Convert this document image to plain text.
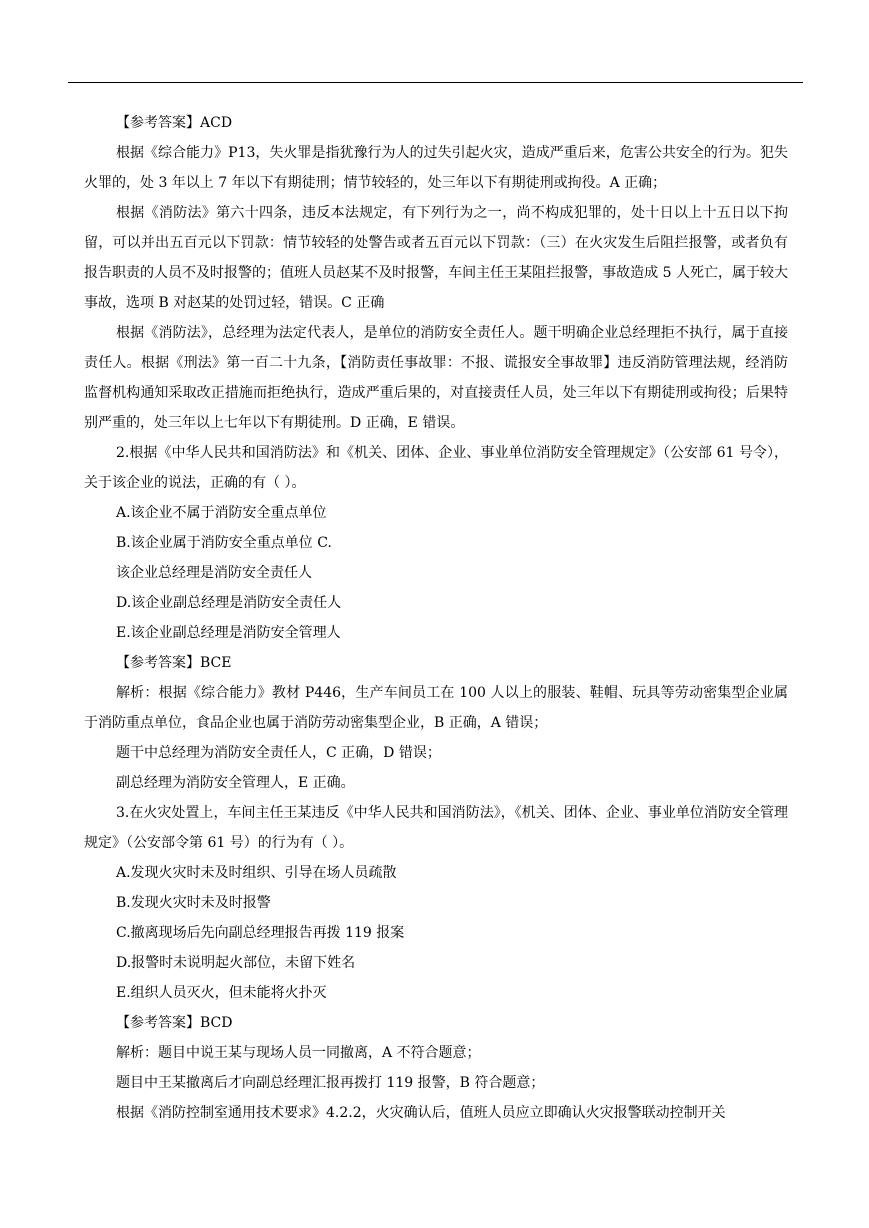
【参考答案】ACD

根据《综合能力》P13，失火罪是指犹豫行为人的过失引起火灾，造成严重后来，危害公共安全的行为。犯失火罪的，处 3 年以上 7 年以下有期徒刑；情节较轻的，处三年以下有期徒刑或拘役。A 正确；

根据《消防法》第六十四条，违反本法规定，有下列行为之一，尚不构成犯罪的，处十日以上十五日以下拘留，可以并出五百元以下罚款：情节较轻的处警告或者五百元以下罚款：（三）在火灾发生后阻拦报警，或者负有报告职责的人员不及时报警的；值班人员赵某不及时报警，车间主任王某阻拦报警，事故造成 5 人死亡，属于较大事故，选项 B 对赵某的处罚过轻，错误。C 正确

根据《消防法》，总经理为法定代表人，是单位的消防安全责任人。题干明确企业总经理拒不执行，属于直接责任人。根据《刑法》第一百二十九条，【消防责任事故罪：不报、谎报安全事故罪】违反消防管理法规，经消防监督机构通知采取改正措施而拒绝执行，造成严重后果的，对直接责任人员，处三年以下有期徒刑或拘役；后果特别严重的，处三年以上七年以下有期徒刑。D 正确，E 错误。

2.根据《中华人民共和国消防法》和《机关、团体、企业、事业单位消防安全管理规定》（公安部 61 号令），关于该企业的说法，正确的有（ ）。

A.该企业不属于消防安全重点单位

B.该企业属于消防安全重点单位 C.

该企业总经理是消防安全责任人

D.该企业副总经理是消防安全责任人

E.该企业副总经理是消防安全管理人

【参考答案】BCE

解析：根据《综合能力》教材 P446，生产车间员工在 100 人以上的服装、鞋帽、玩具等劳动密集型企业属于消防重点单位，食品企业也属于消防劳动密集型企业，B 正确，A 错误；

题干中总经理为消防安全责任人，C 正确，D 错误；

副总经理为消防安全管理人，E 正确。

3.在火灾处置上，车间主任王某违反《中华人民共和国消防法》，《机关、团体、企业、事业单位消防安全管理规定》（公安部令第 61 号）的行为有（ ）。

A.发现火灾时未及时组织、引导在场人员疏散

B.发现火灾时未及时报警

C.撤离现场后先向副总经理报告再拨 119 报案

D.报警时未说明起火部位，未留下姓名

E.组织人员灭火，但未能将火扑灭

【参考答案】BCD

解析：题目中说王某与现场人员一同撤离，A 不符合题意；

题目中王某撤离后才向副总经理汇报再拨打 119 报警，B 符合题意；

根据《消防控制室通用技术要求》4.2.2，火灾确认后，值班人员应立即确认火灾报警联动控制开关
